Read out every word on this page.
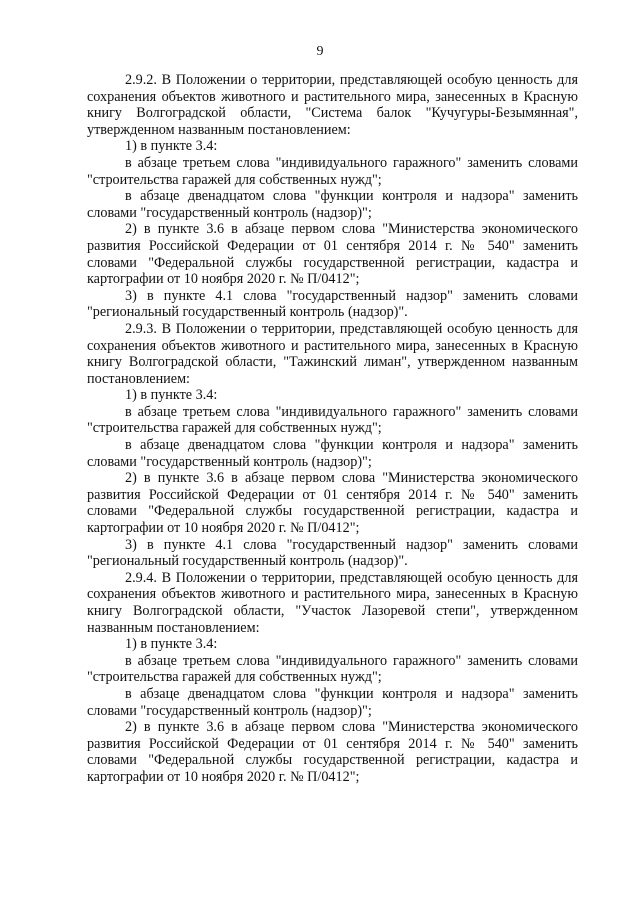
9

2.9.2. В Положении о территории, представляющей особую ценность для сохранения объектов животного и растительного мира, занесенных в Красную книгу Волгоградской области, "Система балок "Кучугуры-Безымянная", утвержденном названным постановлением:

1) в пункте 3.4:

в абзаце третьем слова "индивидуального гаражного" заменить словами "строительства гаражей для собственных нужд";

в абзаце двенадцатом слова "функции контроля и надзора" заменить словами "государственный контроль (надзор)";

2) в пункте 3.6 в абзаце первом слова "Министерства экономического развития Российской Федерации от 01 сентября 2014 г. № 540" заменить словами "Федеральной службы государственной регистрации, кадастра и картографии от 10 ноября 2020 г. № П/0412";

3) в пункте 4.1 слова "государственный надзор" заменить словами "региональный государственный контроль (надзор)".

2.9.3. В Положении о территории, представляющей особую ценность для сохранения объектов животного и растительного мира, занесенных в Красную книгу Волгоградской области, "Тажинский лиман", утвержденном названным постановлением:

1) в пункте 3.4:

в абзаце третьем слова "индивидуального гаражного" заменить словами "строительства гаражей для собственных нужд";

в абзаце двенадцатом слова "функции контроля и надзора" заменить словами "государственный контроль (надзор)";

2) в пункте 3.6 в абзаце первом слова "Министерства экономического развития Российской Федерации от 01 сентября 2014 г. № 540" заменить словами "Федеральной службы государственной регистрации, кадастра и картографии от 10 ноября 2020 г. № П/0412";

3) в пункте 4.1 слова "государственный надзор" заменить словами "региональный государственный контроль (надзор)".

2.9.4. В Положении о территории, представляющей особую ценность для сохранения объектов животного и растительного мира, занесенных в Красную книгу Волгоградской области, "Участок Лазоревой степи", утвержденном названным постановлением:

1) в пункте 3.4:

в абзаце третьем слова "индивидуального гаражного" заменить словами "строительства гаражей для собственных нужд";

в абзаце двенадцатом слова "функции контроля и надзора" заменить словами "государственный контроль (надзор)";

2) в пункте 3.6 в абзаце первом слова "Министерства экономического развития Российской Федерации от 01 сентября 2014 г. № 540" заменить словами "Федеральной службы государственной регистрации, кадастра и картографии от 10 ноября 2020 г. № П/0412";
